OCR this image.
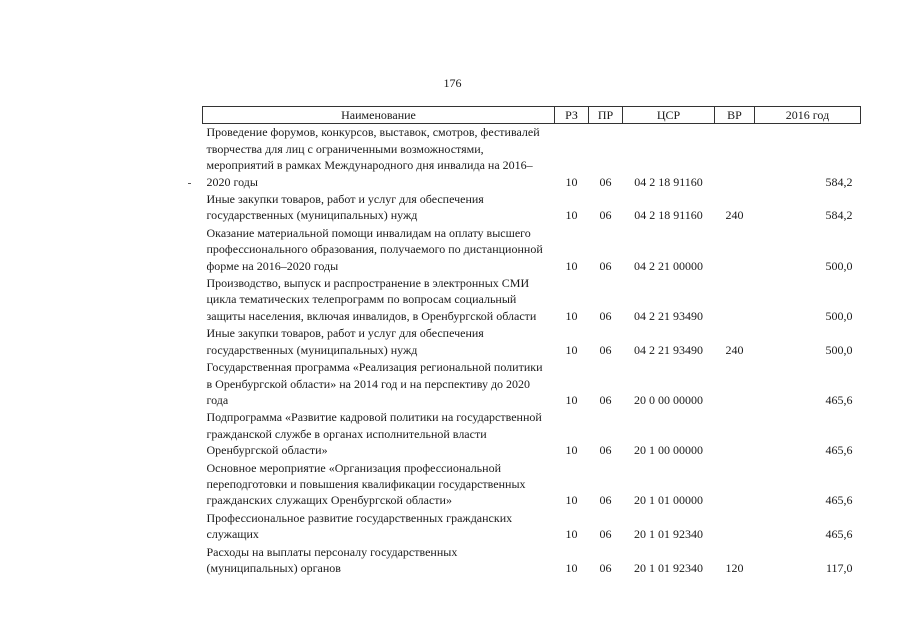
176
Наименование	РЗ	ПР	ЦСР	ВР	2016 год
Проведение форумов, конкурсов, выставок, смотров, фестивалей творчества для лиц с ограниченными возможностями, мероприятий в рамках Международного дня инвалида на 2016–2020 годы	10	06	04 2 18 91160		584,2
Иные закупки товаров, работ и услуг для обеспечения государственных (муниципальных) нужд	10	06	04 2 18 91160	240	584,2
Оказание материальной помощи инвалидам на оплату высшего профессионального образования, получаемого по дистанционной форме на 2016–2020 годы	10	06	04 2 21 00000		500,0
Производство, выпуск и распространение в электронных СМИ цикла тематических телепрограмм по вопросам социальный защиты населения, включая инвалидов, в Оренбургской области	10	06	04 2 21 93490		500,0
Иные закупки товаров, работ и услуг для обеспечения государственных (муниципальных) нужд	10	06	04 2 21 93490	240	500,0
Государственная программа «Реализация региональной политики в Оренбургской области» на 2014 год и на перспективу до 2020 года	10	06	20 0 00 00000		465,6
Подпрограмма «Развитие кадровой политики на государственной гражданской службе в органах исполнительной власти Оренбургской области»	10	06	20 1 00 00000		465,6
Основное мероприятие «Организация профессиональной переподготовки и повышения квалификации государственных гражданских служащих Оренбургской области»	10	06	20 1 01 00000		465,6
Профессиональное развитие государственных гражданских служащих	10	06	20 1 01 92340		465,6
Расходы на выплаты персоналу государственных (муниципальных) органов	10	06	20 1 01 92340	120	117,0
